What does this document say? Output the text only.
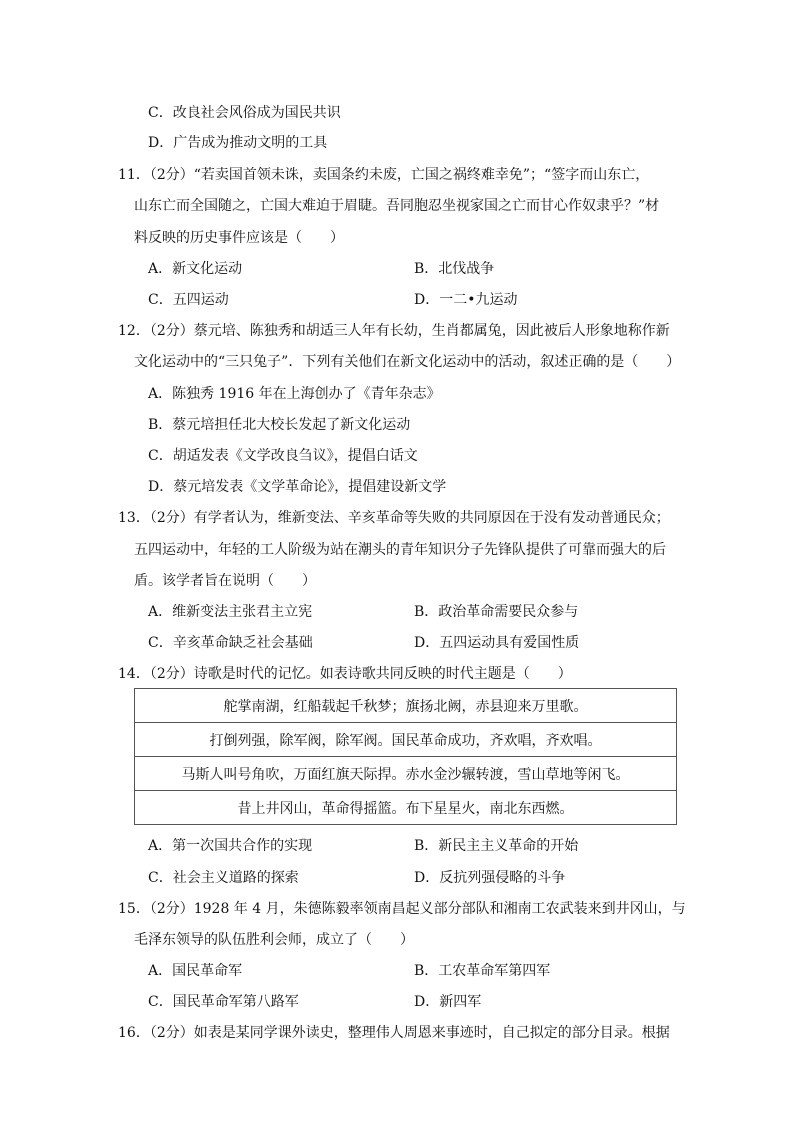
C．改良社会风俗成为国民共识
D．广告成为推动文明的工具
11．（2分）“若卖国首领未诛，卖国条约未废，亡国之祸终难幸免”；“签字而山东亡，
山东亡而全国随之，亡国大难迫于眉睫。吾同胞忍坐视家国之亡而甘心作奴隶乎？”材
料反映的历史事件应该是（　　）
A．新文化运动	B．北伐战争
C．五四运动	D．一二•九运动
12．（2分）蔡元培、陈独秀和胡适三人年有长幼，生肖都属兔，因此被后人形象地称作新
文化运动中的“三只兔子”．下列有关他们在新文化运动中的活动，叙述正确的是（　　）
A．陈独秀 1916 年在上海创办了《青年杂志》
B．蔡元培担任北大校长发起了新文化运动
C．胡适发表《文学改良刍议》，提倡白话文
D．蔡元培发表《文学革命论》，提倡建设新文学
13．（2分）有学者认为，维新变法、辛亥革命等失败的共同原因在于没有发动普通民众；
五四运动中，年轻的工人阶级为站在潮头的青年知识分子先锋队提供了可靠而强大的后
盾。该学者旨在说明（　　）
A．维新变法主张君主立宪	B．政治革命需要民众参与
C．辛亥革命缺乏社会基础	D．五四运动具有爱国性质
14．（2分）诗歌是时代的记忆。如表诗歌共同反映的时代主题是（　　）
舵掌南湖，红船载起千秋梦；旗扬北阙，赤县迎来万里歌。
打倒列强，除军阀，除军阀。国民革命成功，齐欢唱，齐欢唱。
马斯人叫号角吹，万面红旗天际捍。赤水金沙辗转渡，雪山草地等闲飞。
昔上井冈山，革命得摇篮。布下星星火，南北东西燃。
A．第一次国共合作的实现	B．新民主主义革命的开始
C．社会主义道路的探索	D．反抗列强侵略的斗争
15．（2分）1928 年 4 月，朱德陈毅率领南昌起义部分部队和湘南工农武装来到井冈山，与
毛泽东领导的队伍胜利会师，成立了（　　）
A．国民革命军	B．工农革命军第四军
C．国民革命军第八路军	D．新四军
16．（2分）如表是某同学课外读史，整理伟人周恩来事迹时，自己拟定的部分目录。根据
